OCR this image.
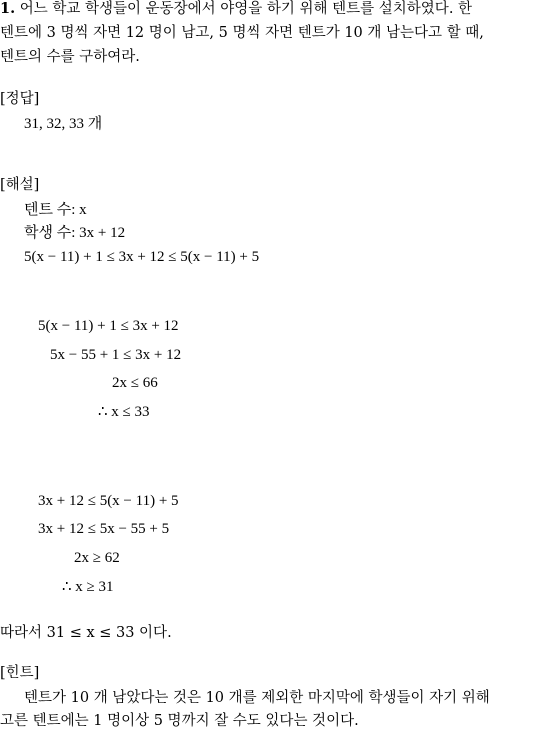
1. 어느 학교 학생들이 운동장에서 야영을 하기 위해 텐트를 설치하였다. 한
텐트에 3 명씩 자면 12 명이 남고, 5 명씩 자면 텐트가 10 개 남는다고 할 때,
텐트의 수를 구하여라.
[정답]
31, 32, 33 개
[해설]
텐트 수: x
학생 수: 3x + 12
5(x − 11) + 1 ≤ 3x + 12 ≤ 5(x − 11) + 5
5(x − 11) + 1 ≤ 3x + 12
5x − 55 + 1 ≤ 3x + 12
2x ≤ 66
∴ x ≤ 33
3x + 12 ≤ 5(x − 11) + 5
3x + 12 ≤ 5x − 55 + 5
2x ≥ 62
∴ x ≥ 31
따라서 31 ≤ x ≤ 33 이다.
[힌트]
텐트가 10 개 남았다는 것은 10 개를 제외한 마지막에 학생들이 자기 위해
고른 텐트에는 1 명이상 5 명까지 잘 수도 있다는 것이다.
